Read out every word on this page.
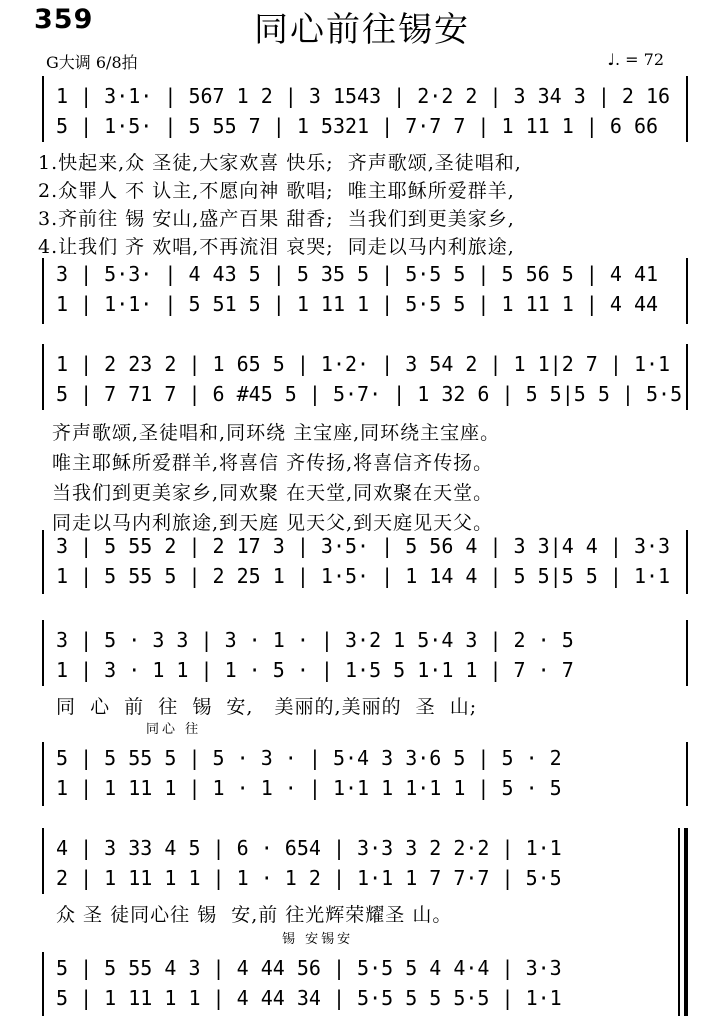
359	同心前往锡安
G大调 6/8拍	♩. = 72
1 | 3·1· | 567 1 2 | 3 1543 | 2·2 2 | 3 34 3 | 2 16
5 | 1·5· | 5 55 7 | 1 5321 | 7·7 7 | 1 11 1 | 6 66
1.快起来,众 圣徒,大家欢喜 快乐;  齐声歌颂,圣徒唱和,
2.众罪人 不 认主,不愿向神 歌唱;  唯主耶稣所爱群羊,
3.齐前往 锡 安山,盛产百果 甜香;  当我们到更美家乡,
4.让我们 齐 欢唱,不再流泪 哀哭;  同走以马内利旅途,
3 | 5·3· | 4 43 5 | 5 35 5 | 5·5 5 | 5 56 5 | 4 41
1 | 1·1· | 5 51 5 | 1 11 1 | 5·5 5 | 1 11 1 | 4 44
1 | 2 23 2 | 1 65 5 | 1·2· | 3 54 2 | 1 1|2 7 | 1·1
5 | 7 71 7 | 6 #45 5 | 5·7· | 1 32 6 | 5 5|5 5 | 5·5
齐声歌颂,圣徒唱和,同环绕 主宝座,同环绕主宝座。
唯主耶稣所爱群羊,将喜信 齐传扬,将喜信齐传扬。
当我们到更美家乡,同欢聚 在天堂,同欢聚在天堂。
同走以马内利旅途,到天庭 见天父,到天庭见天父。
3 | 5 55 2 | 2 17 3 | 3·5· | 5 56 4 | 3 3|4 4 | 3·3
1 | 5 55 5 | 2 25 1 | 1·5· | 1 14 4 | 5 5|5 5 | 1·1
3 | 5 · 3 3 | 3 · 1 · | 3·2 1 5·4 3 | 2 · 5
1 | 3 · 1 1 | 1 · 5 · | 1·5 5 1·1 1 | 7 · 7
同  心  前  往  锡  安,   美丽的,美丽的  圣  山;
同心 往
5 | 5 55 5 | 5 · 3 · | 5·4 3 3·6 5 | 5 · 2
1 | 1 11 1 | 1 · 1 · | 1·1 1 1·1 1 | 5 · 5
4 | 3 33 4 5 | 6 · 654 | 3·3 3 2 2·2 | 1·1
2 | 1 11 1 1 | 1 · 1 2 | 1·1 1 7 7·7 | 5·5
众 圣 徒同心往 锡  安,前 往光辉荣耀圣 山。
锡 安锡安
5 | 5 55 4 3 | 4 44 56 | 5·5 5 4 4·4 | 3·3
5 | 1 11 1 1 | 4 44 34 | 5·5 5 5 5·5 | 1·1
